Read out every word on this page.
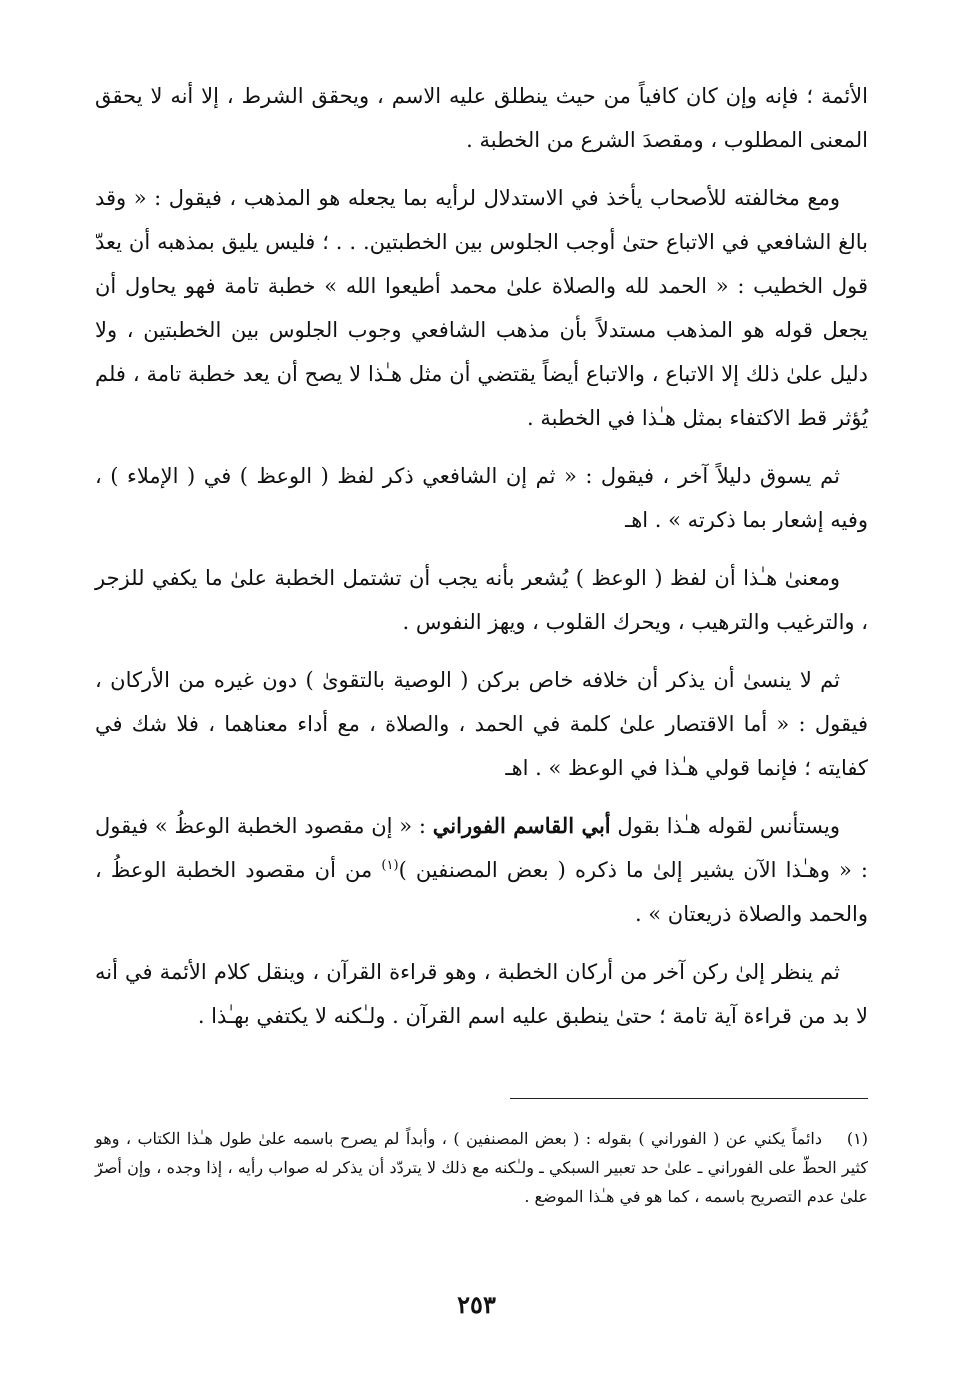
الأئمة ؛ فإنه وإن كان كافياً من حيث ينطلق عليه الاسم ، ويحقق الشرط ، إلا أنه لا يحقق المعنى المطلوب ، ومقصدَ الشرع من الخطبة .

ومع مخالفته للأصحاب يأخذ في الاستدلال لرأيه بما يجعله هو المذهب ، فيقول : « وقد بالغ الشافعي في الاتباع حتىٰ أوجب الجلوس بين الخطبتين. . . ؛ فليس يليق بمذهبه أن يعدّ قول الخطيب : « الحمد لله والصلاة علىٰ محمد أطيعوا الله » خطبة تامة فهو يحاول أن يجعل قوله هو المذهب مستدلاً بأن مذهب الشافعي وجوب الجلوس بين الخطبتين ، ولا دليل علىٰ ذلك إلا الاتباع ، والاتباع أيضاً يقتضي أن مثل هـٰذا لا يصح أن يعد خطبة تامة ، فلم يُؤثر قط الاكتفاء بمثل هـٰذا في الخطبة .

ثم يسوق دليلاً آخر ، فيقول : « ثم إن الشافعي ذكر لفظ ( الوعظ ) في ( الإملاء ) ، وفيه إشعار بما ذكرته » . اهـ

ومعنىٰ هـٰذا أن لفظ ( الوعظ ) يُشعر بأنه يجب أن تشتمل الخطبة علىٰ ما يكفي للزجر ، والترغيب والترهيب ، ويحرك القلوب ، ويهز النفوس .

ثم لا ينسىٰ أن يذكر أن خلافه خاص بركن ( الوصية بالتقوىٰ ) دون غيره من الأركان ، فيقول : « أما الاقتصار علىٰ كلمة في الحمد ، والصلاة ، مع أداء معناهما ، فلا شك في كفايته ؛ فإنما قولي هـٰذا في الوعظ » . اهـ

ويستأنس لقوله هـٰذا بقول أبي القاسم الفوراني : « إن مقصود الخطبة الوعظُ » فيقول : « وهـٰذا الآن يشير إلىٰ ما ذكره ( بعض المصنفين )$^{(١)}$ من أن مقصود الخطبة الوعظُ ، والحمد والصلاة ذريعتان » .

ثم ينظر إلىٰ ركن آخر من أركان الخطبة ، وهو قراءة القرآن ، وينقل كلام الأئمة في أنه لا بد من قراءة آية تامة ؛ حتىٰ ينطبق عليه اسم القرآن . ولـٰكنه لا يكتفي بهـٰذا .

(١)دائماً يكني عن ( الفوراني ) بقوله : ( بعض المصنفين ) ، وأبداً لم يصرح باسمه علىٰ طول هـٰذا الكتاب ، وهو كثير الحطّ على الفوراني ـ علىٰ حد تعبير السبكي ـ ولـٰكنه مع ذلك لا يتردّد أن يذكر له صواب رأيه ، إذا وجده ، وإن أصرّ علىٰ عدم التصريح باسمه ، كما هو في هـٰذا الموضع .
٢٥٣
